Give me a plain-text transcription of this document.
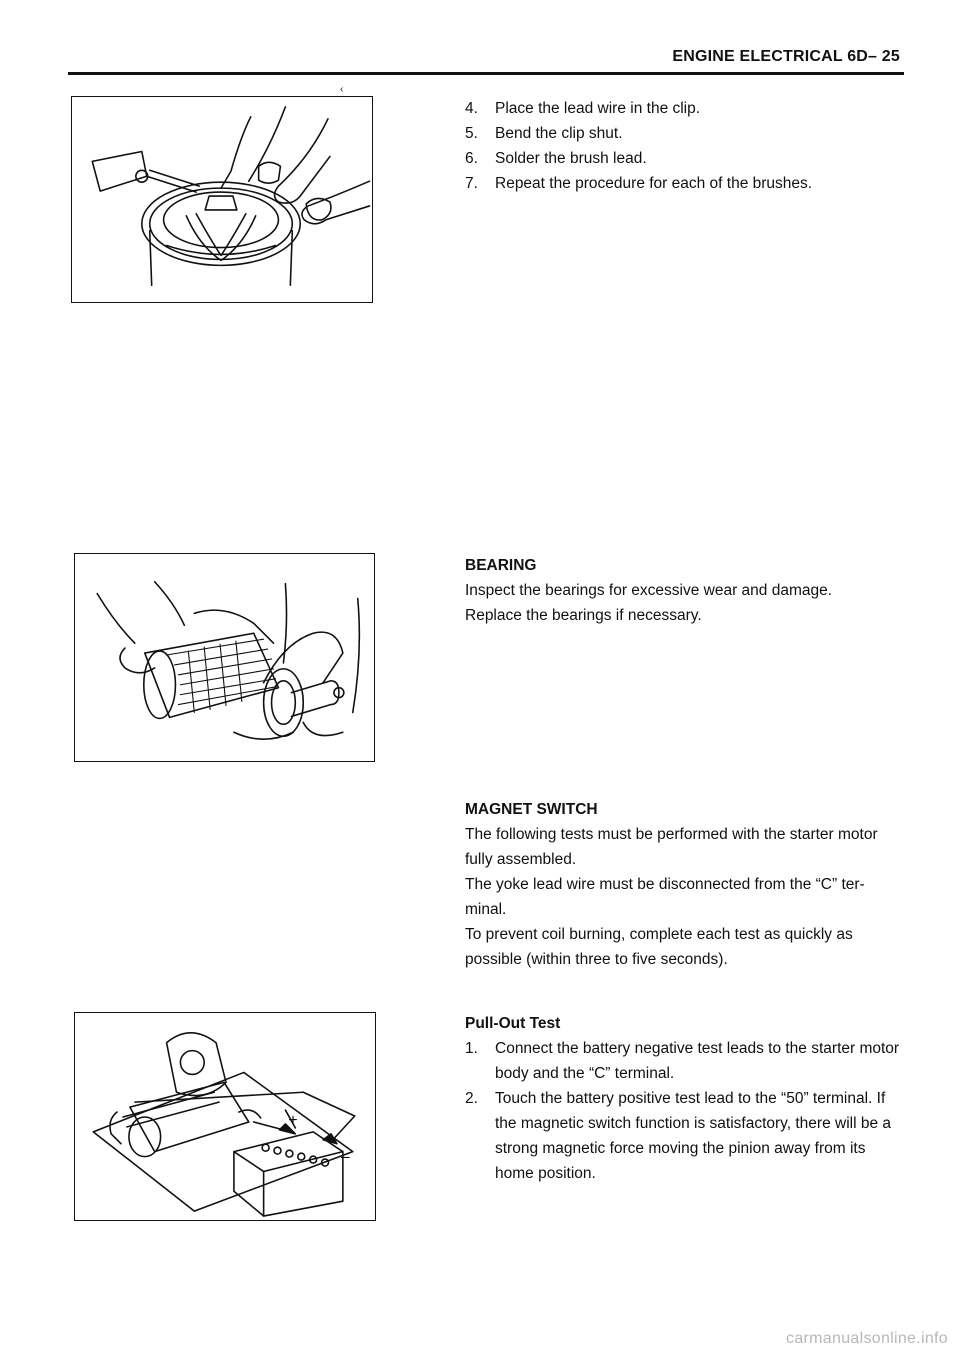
ENGINE ELECTRICAL 6D– 25
‹
4. Place the lead wire in the clip.
5. Bend the clip shut.
6. Solder the brush lead.
7. Repeat the procedure for each of the brushes.

BEARING

Inspect the bearings for excessive wear and damage.

Replace the bearings if necessary.

MAGNET SWITCH

The following tests must be performed with the starter motor fully assembled.

The yoke lead wire must be disconnected from the “C” ter- minal.

To prevent coil burning, complete each test as quickly as possible (within three to five seconds).

+
–

Pull-Out Test

1. Connect the battery negative test leads to the starter motor body and the “C” terminal.
2. Touch the battery positive test lead to the “50” terminal. If the magnetic switch function is satisfactory, there will be a strong magnetic force moving the pinion away from its home position.
carmanualsonline.info
